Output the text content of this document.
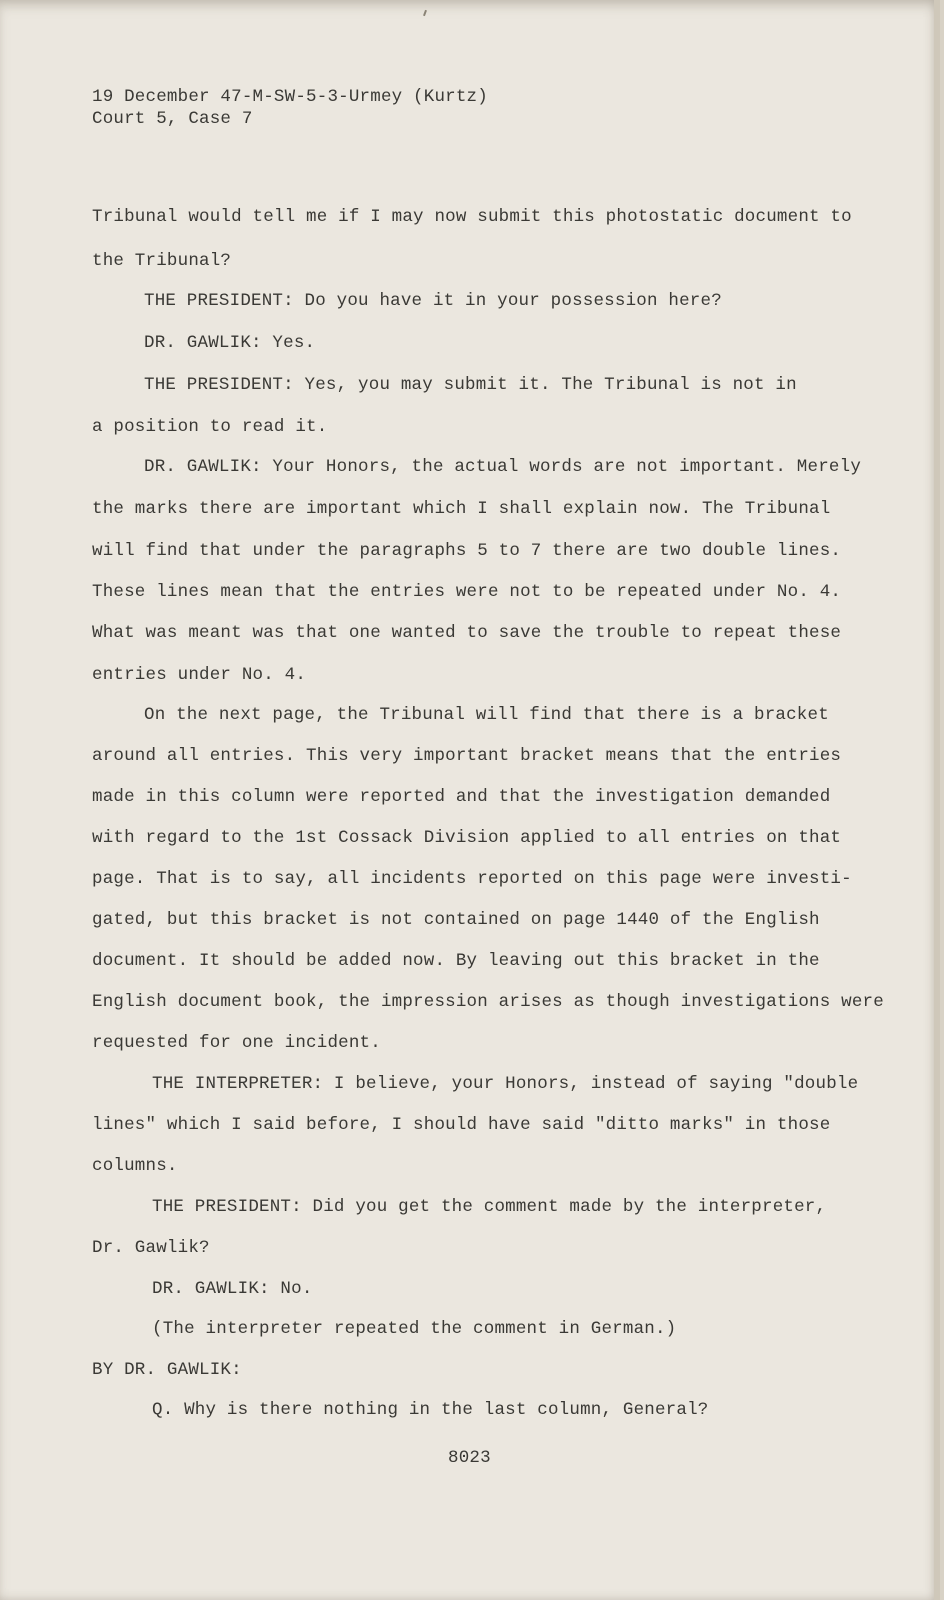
19 December 47-M-SW-5-3-Urmey (Kurtz)
Court 5, Case 7
Tribunal would tell me if I may now submit this photostatic document to
the Tribunal?
THE PRESIDENT: Do you have it in your possession here?
DR. GAWLIK: Yes.
THE PRESIDENT: Yes, you may submit it. The Tribunal is not in
a position to read it.
DR. GAWLIK: Your Honors, the actual words are not important. Merely
the marks there are important which I shall explain now. The Tribunal
will find that under the paragraphs 5 to 7 there are two double lines.
These lines mean that the entries were not to be repeated under No. 4.
What was meant was that one wanted to save the trouble to repeat these
entries under No. 4.
On the next page, the Tribunal will find that there is a bracket
around all entries. This very important bracket means that the entries
made in this column were reported and that the investigation demanded
with regard to the 1st Cossack Division applied to all entries on that
page. That is to say, all incidents reported on this page were investi-
gated, but this bracket is not contained on page 1440 of the English
document. It should be added now. By leaving out this bracket in the
English document book, the impression arises as though investigations were
requested for one incident.
THE INTERPRETER: I believe, your Honors, instead of saying "double
lines" which I said before, I should have said "ditto marks" in those
columns.
THE PRESIDENT: Did you get the comment made by the interpreter,
Dr. Gawlik?
DR. GAWLIK: No.
(The interpreter repeated the comment in German.)
BY DR. GAWLIK:
Q. Why is there nothing in the last column, General?
8023
